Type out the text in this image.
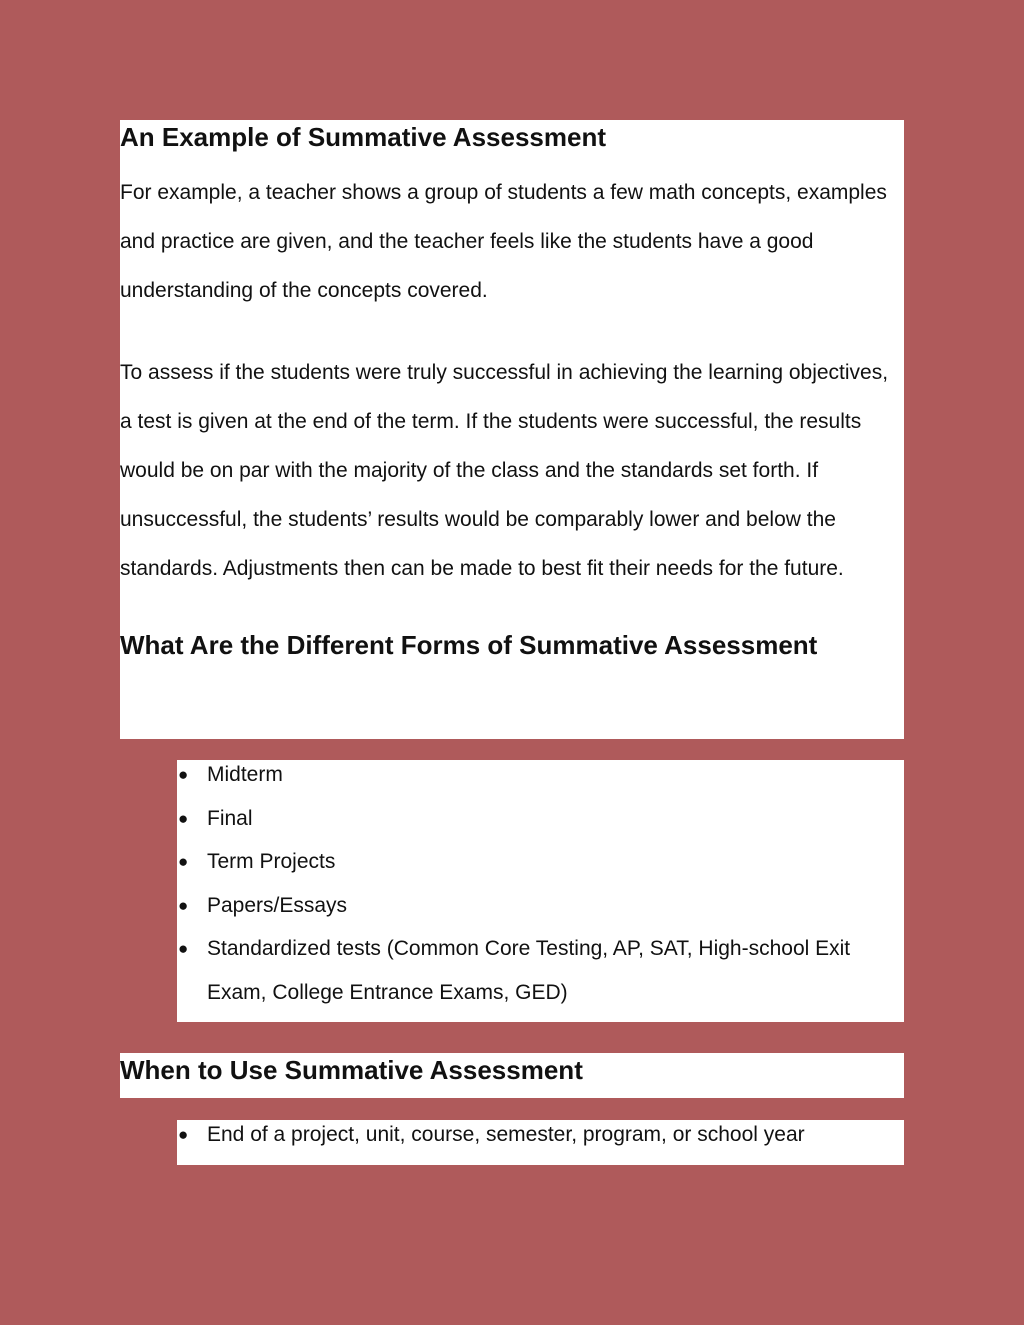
An Example of Summative Assessment

For example, a teacher shows a group of students a few math concepts, examples and practice are given, and the teacher feels like the students have a good understanding of the concepts covered.

To assess if the students were truly successful in achieving the learning objectives, a test is given at the end of the term. If the students were successful, the results would be on par with the majority of the class and the standards set forth. If unsuccessful, the students’ results would be comparably lower and below the standards. Adjustments then can be made to best fit their needs for the future.

What Are the Different Forms of Summative Assessment
● Midterm
● Final
● Term Projects
● Papers/Essays
● Standardized tests (Common Core Testing, AP, SAT, High-school Exit Exam, College Entrance Exams, GED)
When to Use Summative Assessment
● End of a project, unit, course, semester, program, or school year
